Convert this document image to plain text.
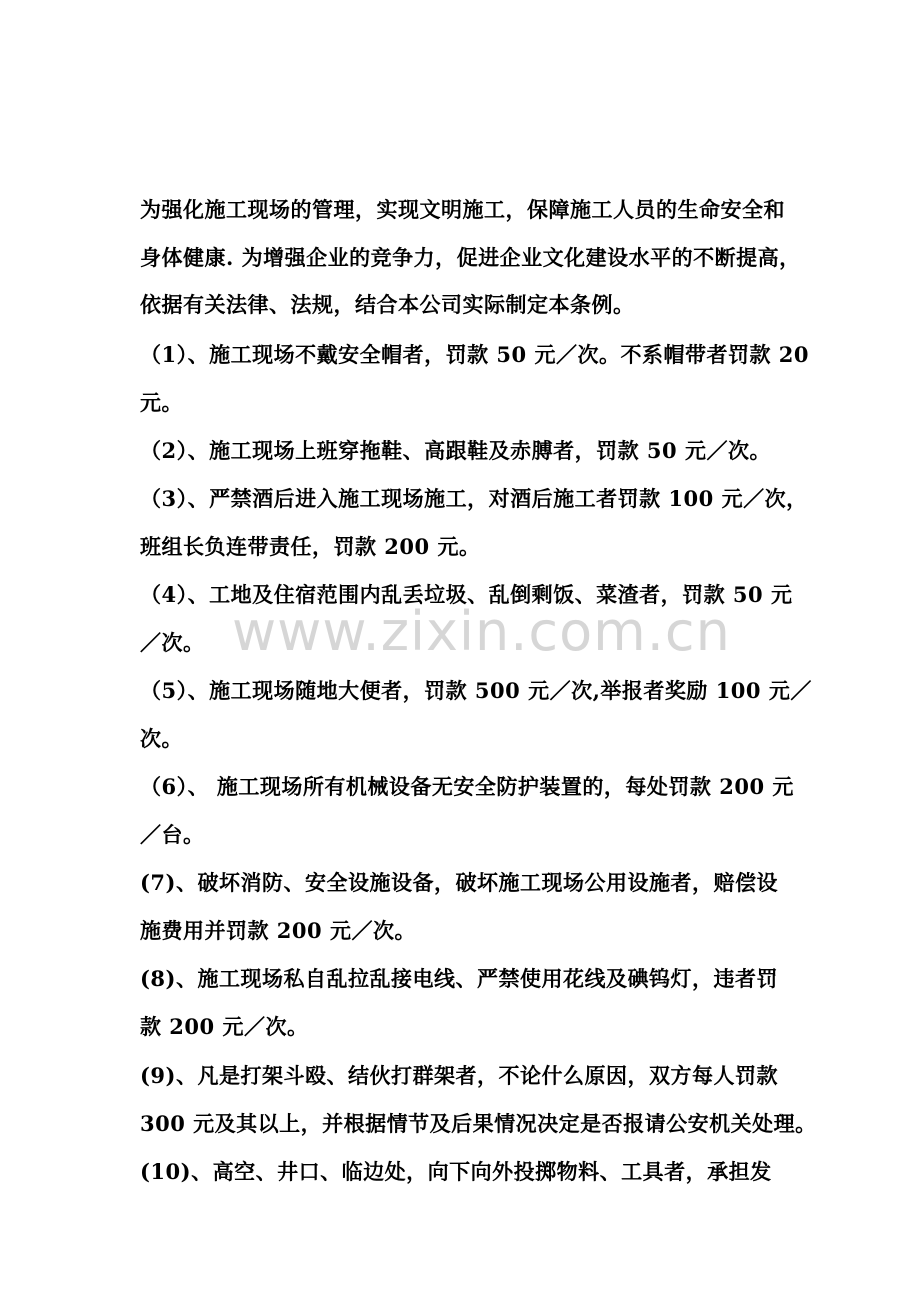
为强化施工现场的管理，实现文明施工，保障施工人员的生命安全和
身体健康. 为增强企业的竞争力，促进企业文化建设水平的不断提高，
依据有关法律、法规，结合本公司实际制定本条例。
（1）、施工现场不戴安全帽者，罚款 50 元／次。不系帽带者罚款 20
元。
（2）、施工现场上班穿拖鞋、高跟鞋及赤膊者，罚款 50 元／次。
（3）、严禁酒后进入施工现场施工，对酒后施工者罚款 100 元／次，
班组长负连带责任，罚款 200 元。
（4）、工地及住宿范围内乱丢垃圾、乱倒剩饭、菜渣者，罚款 50 元
／次。
（5）、施工现场随地大便者，罚款 500 元／次,举报者奖励 100 元／
次。
（6）、 施工现场所有机械设备无安全防护装置的，每处罚款 200 元
／台。
(7)、破坏消防、安全设施设备，破坏施工现场公用设施者，赔偿设
施费用并罚款 200 元／次。
(8)、施工现场私自乱拉乱接电线、严禁使用花线及碘钨灯，违者罚
款 200 元／次。
(9)、凡是打架斗殴、结伙打群架者，不论什么原因，双方每人罚款
300 元及其以上，并根据情节及后果情况决定是否报请公安机关处理。
(10)、高空、井口、临边处，向下向外投掷物料、工具者，承担发
www.zixin.com.cn
